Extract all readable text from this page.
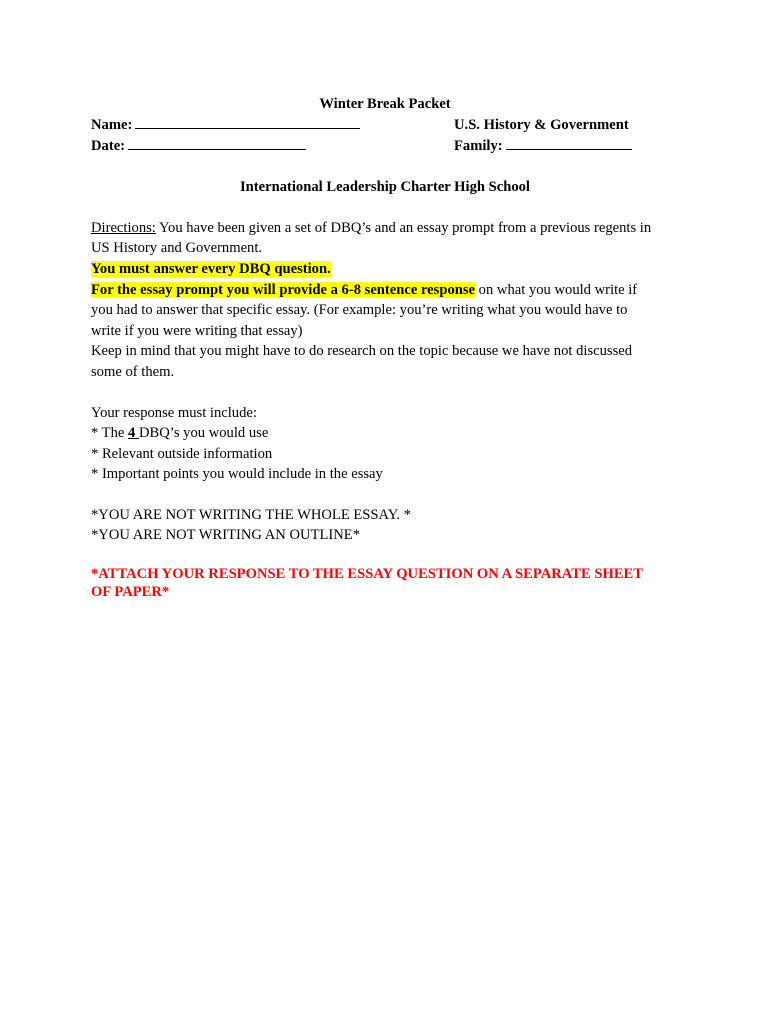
Winter Break Packet
Name:	U.S. History & Government
Date:	Family:
International Leadership Charter High School
Directions: You have been given a set of DBQ’s and an essay prompt from a previous regents in
US History and Government.
You must answer every DBQ question.
For the essay prompt you will provide a 6-8 sentence response on what you would write if
you had to answer that specific essay. (For example: you’re writing what you would have to
write if you were writing that essay)
Keep in mind that you might have to do research on the topic because we have not discussed
some of them.
Your response must include:
* The 4 DBQ’s you would use
* Relevant outside information
* Important points you would include in the essay
*YOU ARE NOT WRITING THE WHOLE ESSAY. *
*YOU ARE NOT WRITING AN OUTLINE*
*ATTACH YOUR RESPONSE TO THE ESSAY QUESTION ON A SEPARATE SHEET
OF PAPER*
